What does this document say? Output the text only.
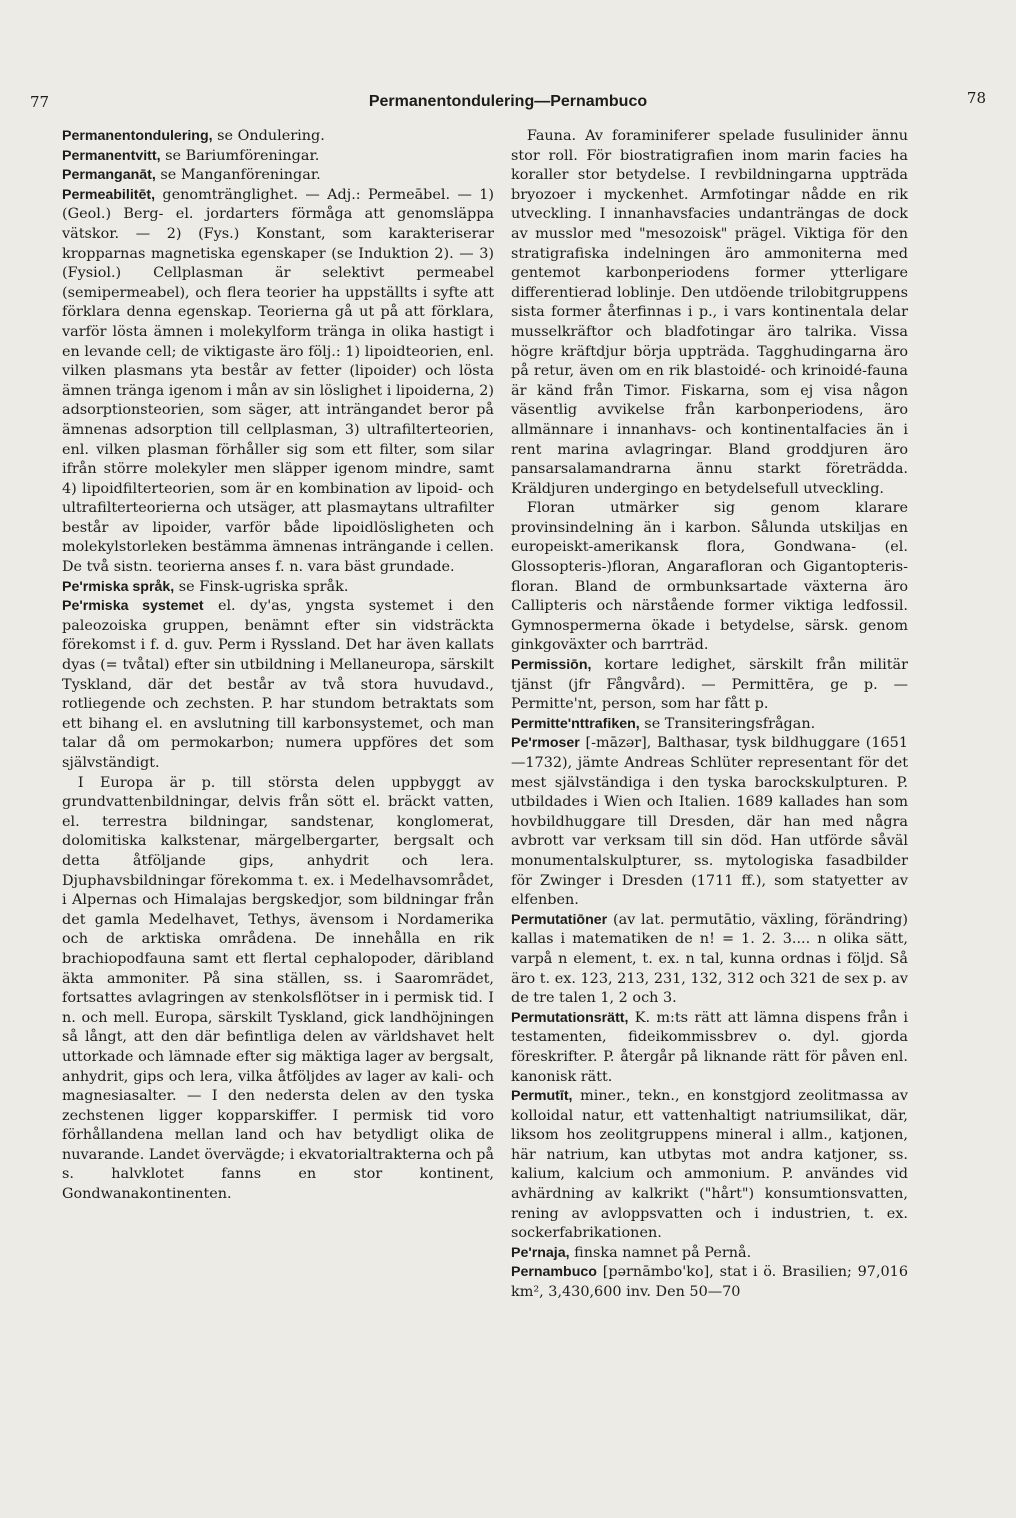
77	Permanentondulering—Pernambuco	78

Permanentondulering, se Ondulering.

Permanentvitt, se Bariumföreningar.

Permanganāt, se Manganföreningar.

Permeabilitēt, genomtränglighet. — Adj.: Permeābel. — 1) (Geol.) Berg- el. jordarters förmåga att genomsläppa vätskor. — 2) (Fys.) Konstant, som karakteriserar kropparnas magnetiska egenskaper (se Induktion 2). — 3) (Fysiol.) Cellplasman är selektivt permeabel (semipermeabel), och flera teorier ha uppställts i syfte att förklara denna egenskap. Teorierna gå ut på att förklara, varför lösta ämnen i molekylform tränga in olika hastigt i en levande cell; de viktigaste äro följ.: 1) lipoidteorien, enl. vilken plasmans yta består av fetter (lipoider) och lösta ämnen tränga igenom i mån av sin löslighet i lipoiderna, 2) adsorptionsteorien, som säger, att inträngandet beror på ämnenas adsorption till cellplasman, 3) ultrafilterteorien, enl. vilken plasman förhåller sig som ett filter, som silar ifrån större molekyler men släpper igenom mindre, samt 4) lipoidfilterteorien, som är en kombination av lipoid- och ultrafilterteorierna och utsäger, att plasmaytans ultrafilter består av lipoider, varför både lipoidlösligheten och molekylstorleken bestämma ämnenas inträngande i cellen. De två sistn. teorierna anses f. n. vara bäst grundade.

Pe'rmiska språk, se Finsk-ugriska språk.

Pe'rmiska systemet el. dy'as, yngsta systemet i den paleozoiska gruppen, benämnt efter sin vidsträckta förekomst i f. d. guv. Perm i Ryssland. Det har även kallats dyas (= tvåtal) efter sin utbildning i Mellaneuropa, särskilt Tyskland, där det består av två stora huvudavd., rotliegende och zechsten. P. har stundom betraktats som ett bihang el. en avslutning till karbonsystemet, och man talar då om permokarbon; numera uppföres det som självständigt.

I Europa är p. till största delen uppbyggt av grundvattenbildningar, delvis från sött el. bräckt vatten, el. terrestra bildningar, sandstenar, konglomerat, dolomitiska kalkstenar, märgelbergarter, bergsalt och detta åtföljande gips, anhydrit och lera. Djuphavsbildningar förekomma t. ex. i Medelhavsområdet, i Alpernas och Himalajas bergskedjor, som bildningar från det gamla Medelhavet, Tethys, ävensom i Nordamerika och de arktiska områdena. De innehålla en rik brachiopodfauna samt ett flertal cephalopoder, däribland äkta ammoniter. På sina ställen, ss. i Saaromrädet, fortsattes avlagringen av stenkolsflötser in i permisk tid. I n. och mell. Europa, särskilt Tyskland, gick landhöjningen så långt, att den där befintliga delen av världshavet helt uttorkade och lämnade efter sig mäktiga lager av bergsalt, anhydrit, gips och lera, vilka åtföljdes av lager av kali- och magnesiasalter. — I den nedersta delen av den tyska zechstenen ligger kopparskiffer. I permisk tid voro förhållandena mellan land och hav betydligt olika de nuvarande. Landet övervägde; i ekvatorialtrakterna och på s. halvklotet fanns en stor kontinent, Gondwanakontinenten.

Fauna. Av foraminiferer spelade fusulinider ännu stor roll. För biostratigrafien inom marin facies ha koraller stor betydelse. I revbildningarna uppträda bryozoer i myckenhet. Armfotingar nådde en rik utveckling. I innanhavsfacies undanträngas de dock av musslor med "mesozoisk" prägel. Viktiga för den stratigrafiska indelningen äro ammoniterna med gentemot karbonperiodens former ytterligare differentierad loblinje. Den utdöende trilobitgruppens sista former återfinnas i p., i vars kontinentala delar musselkräftor och bladfotingar äro talrika. Vissa högre kräftdjur börja uppträda. Tagghudingarna äro på retur, även om en rik blastoidé- och krinoidé-fauna är känd från Timor. Fiskarna, som ej visa någon väsentlig avvikelse från karbonperiodens, äro allmännare i innanhavs- och kontinentalfacies än i rent marina avlagringar. Bland groddjuren äro pansarsalamandrarna ännu starkt företrädda. Kräldjuren undergingo en betydelsefull utveckling.

Floran utmärker sig genom klarare provinsindelning än i karbon. Sålunda utskiljas en europeiskt-amerikansk flora, Gondwana- (el. Glossopteris-)floran, Angarafloran och Gigantopteris-floran. Bland de ormbunksartade växterna äro Callipteris och närstående former viktiga ledfossil. Gymnospermerna ökade i betydelse, särsk. genom ginkgoväxter och barrträd.

Permissiōn, kortare ledighet, särskilt från militär tjänst (jfr Fångvård). — Permittēra, ge p. — Permitte'nt, person, som har fått p.

Permitte'nttrafiken, se Transiteringsfrågan.

Pe'rmoser [-māzər], Balthasar, tysk bildhuggare (1651—1732), jämte Andreas Schlüter representant för det mest självständiga i den tyska barockskulpturen. P. utbildades i Wien och Italien. 1689 kallades han som hovbildhuggare till Dresden, där han med några avbrott var verksam till sin död. Han utförde såväl monumentalskulpturer, ss. mytologiska fasadbilder för Zwinger i Dresden (1711 ff.), som statyetter av elfenben.

Permutatiōner (av lat. permutātio, växling, förändring) kallas i matematiken de n! = 1. 2. 3.... n olika sätt, varpå n element, t. ex. n tal, kunna ordnas i följd. Så äro t. ex. 123, 213, 231, 132, 312 och 321 de sex p. av de tre talen 1, 2 och 3.

Permutationsrätt, K. m:ts rätt att lämna dispens från i testamenten, fideikommissbrev o. dyl. gjorda föreskrifter. P. återgår på liknande rätt för påven enl. kanonisk rätt.

Permutīt, miner., tekn., en konstgjord zeolitmassa av kolloidal natur, ett vattenhaltigt natriumsilikat, där, liksom hos zeolitgruppens mineral i allm., katjonen, här natrium, kan utbytas mot andra katjoner, ss. kalium, kalcium och ammonium. P. användes vid avhärdning av kalkrikt ("hårt") konsumtionsvatten, rening av avloppsvatten och i industrien, t. ex. sockerfabrikationen.

Pe'rnaja, finska namnet på Pernå.

Pernambuco [pərnāmbo'ko], stat i ö. Brasilien; 97,016 km², 3,430,600 inv. Den 50—70
